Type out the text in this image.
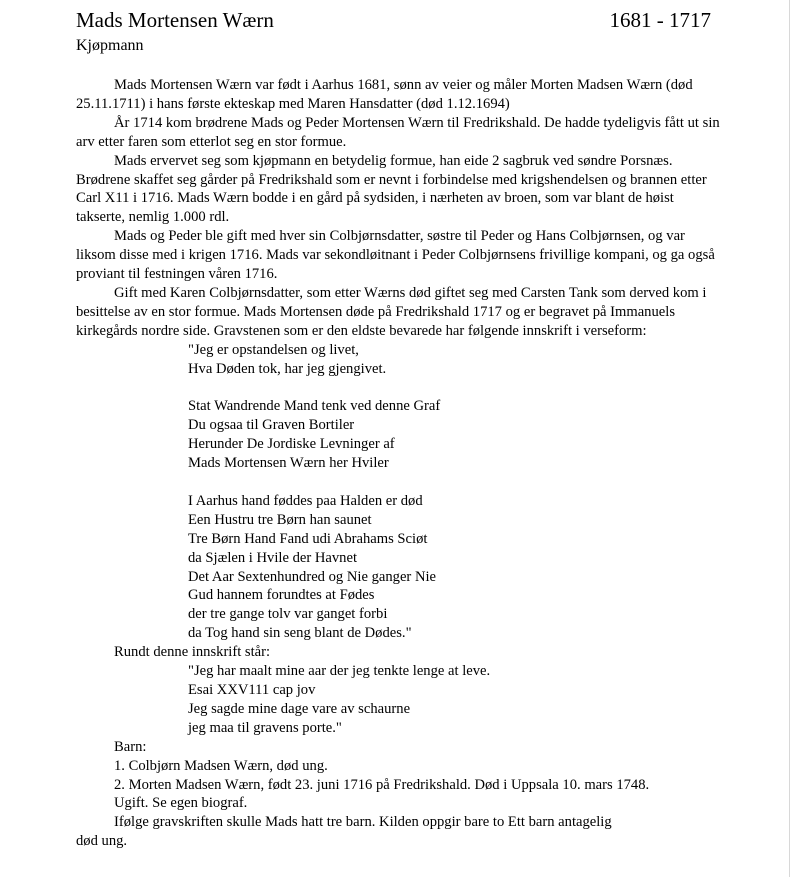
Mads Mortensen Wærn	1681 - 1717
Kjøpmann

Mads Mortensen Wærn var født i Aarhus 1681, sønn av veier og måler Morten Madsen Wærn (død 25.11.1711) i hans første ekteskap med Maren Hansdatter (død 1.12.1694)

År 1714 kom brødrene Mads og Peder Mortensen Wærn til Fredrikshald. De hadde tydeligvis fått ut sin arv etter faren som etterlot seg en stor formue.

Mads ervervet seg som kjøpmann en betydelig formue, han eide 2 sagbruk ved søndre Porsnæs. Brødrene skaffet seg gårder på Fredrikshald som er nevnt i forbindelse med krigshendelsen og brannen etter Carl X11 i 1716. Mads Wærn bodde i en gård på sydsiden, i nærheten av broen, som var blant de høist takserte, nemlig 1.000 rdl.

Mads og Peder ble gift med hver sin Colbjørnsdatter, søstre til Peder og Hans Colbjørnsen, og var liksom disse med i krigen 1716. Mads var sekondløitnant i Peder Colbjørnsens frivillige kompani, og ga også proviant til festningen våren 1716.

Gift med Karen Colbjørnsdatter, som etter Wærns død giftet seg med Carsten Tank som derved kom i besittelse av en stor formue. Mads Mortensen døde på Fredrikshald 1717 og er begravet på Immanuels kirkegårds nordre side. Gravstenen som er den eldste bevarede har følgende innskrift i verseform:

"Jeg er opstandelsen og livet,
Hva Døden tok, har jeg gjengivet.
Stat Wandrende Mand tenk ved denne Graf
Du ogsaa til Graven Bortiler
Herunder De Jordiske Levninger af
Mads Mortensen Wærn her Hviler
I Aarhus hand føddes paa Halden er død
Een Hustru tre Børn han saunet
Tre Børn Hand Fand udi Abrahams Sciøt
da Sjælen i Hvile der Havnet
Det Aar Sextenhundred og Nie ganger Nie
Gud hannem forundtes at Fødes
der tre gange tolv var ganget forbi
da Tog hand sin seng blant de Dødes."

Rundt denne innskrift står:

"Jeg har maalt mine aar der jeg tenkte lenge at leve.
Esai XXV111 cap jov
Jeg sagde mine dage vare av schaurne
jeg maa til gravens porte."

Barn:

1. Colbjørn Madsen Wærn, død ung.
2. Morten Madsen Wærn, født 23. juni 1716 på Fredrikshald. Død i Uppsala 10. mars 1748.
Ugift. Se egen biograf.

Ifølge gravskriften skulle Mads hatt tre barn. Kilden oppgir bare to Ett barn antagelig

død ung.
